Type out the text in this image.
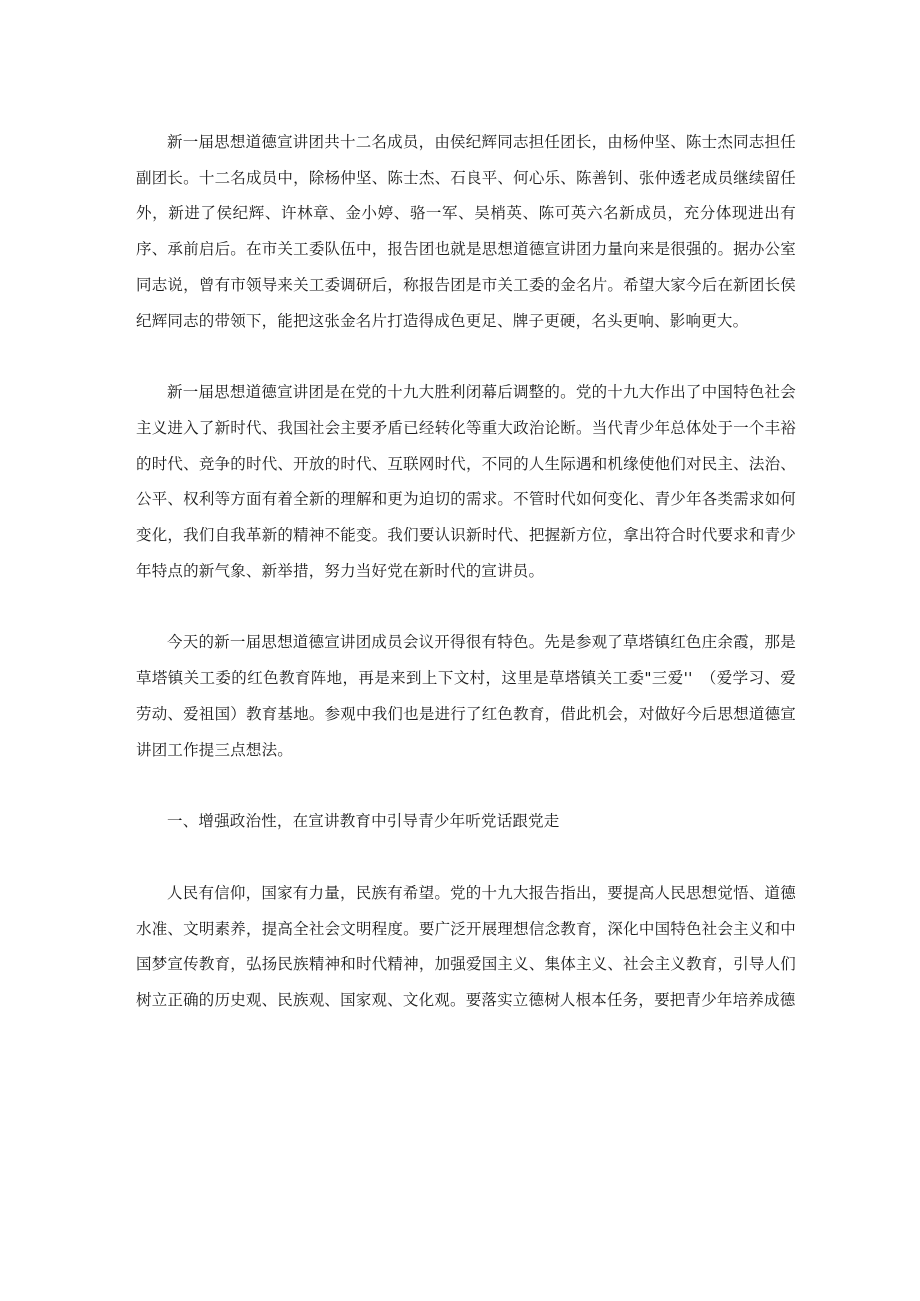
新一届思想道德宣讲团共十二名成员，由侯纪辉同志担任团长，由杨仲坚、陈士杰同志担任副团长。十二名成员中，除杨仲坚、陈士杰、石良平、何心乐、陈善钊、张仲透老成员继续留任外，新进了侯纪辉、许林章、金小婷、骆一军、吴梢英、陈可英六名新成员，充分体现进出有序、承前启后。在市关工委队伍中，报告团也就是思想道德宣讲团力量向来是很强的。据办公室同志说，曾有市领导来关工委调研后，称报告团是市关工委的金名片。希望大家今后在新团长侯纪辉同志的带领下，能把这张金名片打造得成色更足、牌子更硬，名头更响、影响更大。

新一届思想道德宣讲团是在党的十九大胜利闭幕后调整的。党的十九大作出了中国特色社会主义进入了新时代、我国社会主要矛盾已经转化等重大政治论断。当代青少年总体处于一个丰裕的时代、竞争的时代、开放的时代、互联网时代，不同的人生际遇和机缘使他们对民主、法治、公平、权利等方面有着全新的理解和更为迫切的需求。不管时代如何变化、青少年各类需求如何变化，我们自我革新的精神不能变。我们要认识新时代、把握新方位，拿出符合时代要求和青少年特点的新气象、新举措，努力当好党在新时代的宣讲员。

今天的新一届思想道德宣讲团成员会议开得很有特色。先是参观了草塔镇红色庄余霞，那是草塔镇关工委的红色教育阵地，再是来到上下文村，这里是草塔镇关工委"三爱''　（爱学习、爱劳动、爱祖国）教育基地。参观中我们也是进行了红色教育，借此机会，对做好今后思想道德宣讲团工作提三点想法。

一、增强政治性，在宣讲教育中引导青少年听党话跟党走

人民有信仰，国家有力量，民族有希望。党的十九大报告指出，要提高人民思想觉悟、道德水准、文明素养，提高全社会文明程度。要广泛开展理想信念教育，深化中国特色社会主义和中国梦宣传教育，弘扬民族精神和时代精神，加强爱国主义、集体主义、社会主义教育，引导人们树立正确的历史观、民族观、国家观、文化观。要落实立德树人根本任务，要把青少年培养成德
